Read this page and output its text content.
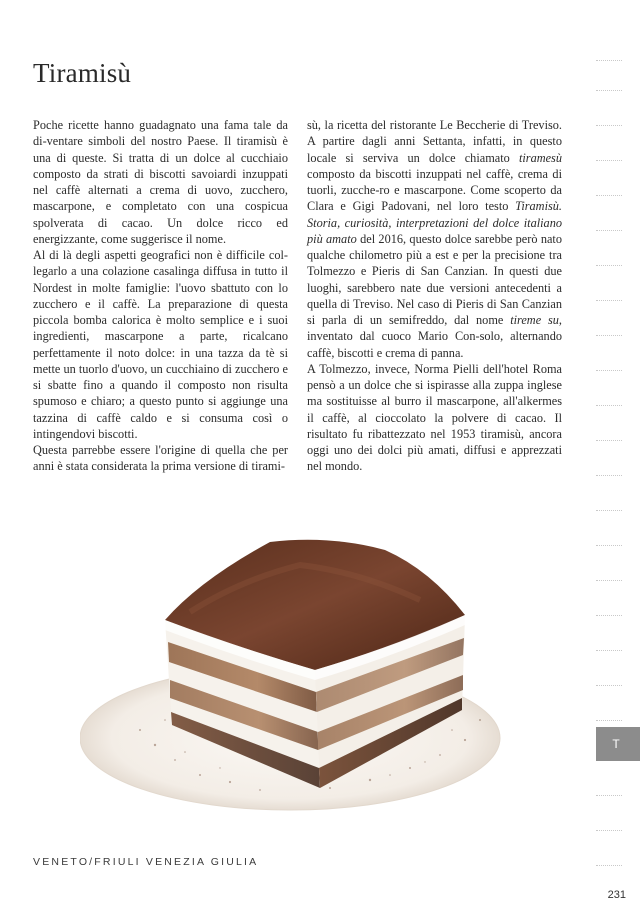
Tiramisù

Poche ricette hanno guadagnato una fama tale da di-ventare simboli del nostro Paese. Il tiramisù è una di queste. Si tratta di un dolce al cucchiaio composto da strati di biscotti savoiardi inzuppati nel caffè alternati a crema di uovo, zucchero, mascarpone, e completato con una cospicua spolverata di cacao. Un dolce ricco ed energizzante, come suggerisce il nome.

Al di là degli aspetti geografici non è difficile col-legarlo a una colazione casalinga diffusa in tutto il Nordest in molte famiglie: l'uovo sbattuto con lo zucchero e il caffè. La preparazione di questa piccola bomba calorica è molto semplice e i suoi ingredienti, mascarpone a parte, ricalcano perfettamente il noto dolce: in una tazza da tè si mette un tuorlo d'uovo, un cucchiaino di zucchero e si sbatte fino a quando il composto non risulta spumoso e chiaro; a questo punto si aggiunge una tazzina di caffè caldo e si consuma così o intingendovi biscotti.

Questa parrebbe essere l'origine di quella che per anni è stata considerata la prima versione di tirami-

sù, la ricetta del ristorante Le Beccherie di Treviso. A partire dagli anni Settanta, infatti, in questo locale si serviva un dolce chiamato tiramesù composto da biscotti inzuppati nel caffè, crema di tuorli, zucche-ro e mascarpone. Come scoperto da Clara e Gigi Padovani, nel loro testo Tiramisù. Storia, curiosità, interpretazioni del dolce italiano più amato del 2016, questo dolce sarebbe però nato qualche chilometro più a est e per la precisione tra Tolmezzo e Pieris di San Canzian. In questi due luoghi, sarebbero nate due versioni antecedenti a quella di Treviso. Nel caso di Pieris di San Canzian si parla di un semifreddo, dal nome tireme su, inventato dal cuoco Mario Con-solo, alternando caffè, biscotti e crema di panna.

A Tolmezzo, invece, Norma Pielli dell'hotel Roma pensò a un dolce che si ispirasse alla zuppa inglese ma sostituisse al burro il mascarpone, all'alkermes il caffè, al cioccolato la polvere di cacao. Il risultato fu ribattezzato nel 1953 tiramisù, ancora oggi uno dei dolci più amati, diffusi e apprezzati nel mondo.

VENETO/FRIULI VENEZIA GIULIA
231
T
